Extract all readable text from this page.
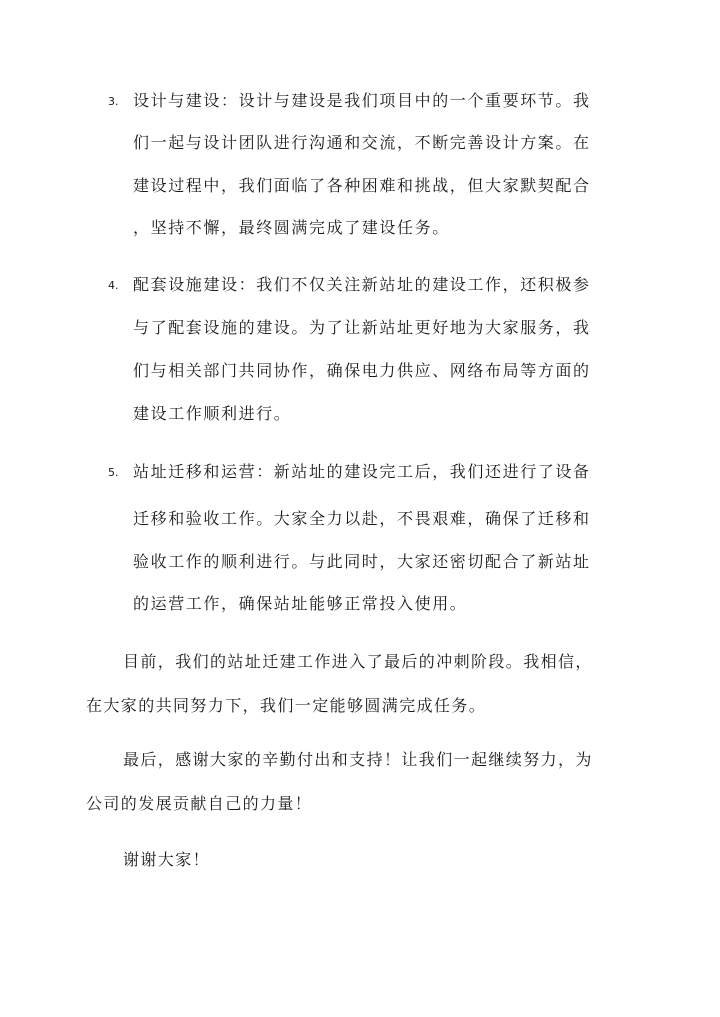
3. 设计与建设：设计与建设是我们项目中的一个重要环节。我
们一起与设计团队进行沟通和交流，不断完善设计方案。在
建设过程中，我们面临了各种困难和挑战，但大家默契配合
，坚持不懈，最终圆满完成了建设任务。
4. 配套设施建设：我们不仅关注新站址的建设工作，还积极参
与了配套设施的建设。为了让新站址更好地为大家服务，我
们与相关部门共同协作，确保电力供应、网络布局等方面的
建设工作顺利进行。
5. 站址迁移和运营：新站址的建设完工后，我们还进行了设备
迁移和验收工作。大家全力以赴，不畏艰难，确保了迁移和
验收工作的顺利进行。与此同时，大家还密切配合了新站址
的运营工作，确保站址能够正常投入使用。
目前，我们的站址迁建工作进入了最后的冲刺阶段。我相信，
在大家的共同努力下，我们一定能够圆满完成任务。
最后，感谢大家的辛勤付出和支持！让我们一起继续努力，为
公司的发展贡献自己的力量！
谢谢大家！
